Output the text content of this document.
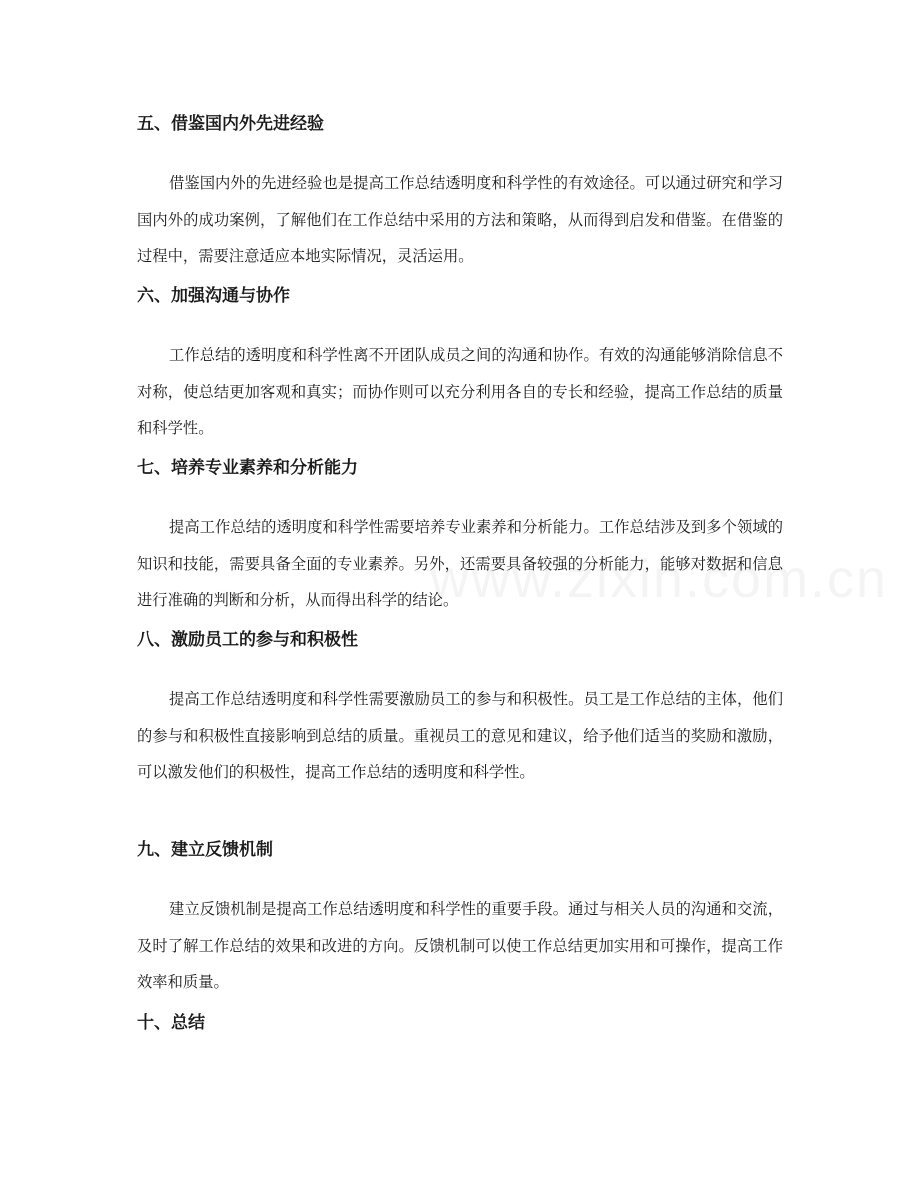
五、借鉴国内外先进经验

借鉴国内外的先进经验也是提高工作总结透明度和科学性的有效途径。可以通过研究和学习国内外的成功案例，了解他们在工作总结中采用的方法和策略，从而得到启发和借鉴。在借鉴的过程中，需要注意适应本地实际情况，灵活运用。

六、加强沟通与协作

工作总结的透明度和科学性离不开团队成员之间的沟通和协作。有效的沟通能够消除信息不对称，使总结更加客观和真实；而协作则可以充分利用各自的专长和经验，提高工作总结的质量和科学性。

七、培养专业素养和分析能力

提高工作总结的透明度和科学性需要培养专业素养和分析能力。工作总结涉及到多个领域的知识和技能，需要具备全面的专业素养。另外，还需要具备较强的分析能力，能够对数据和信息进行准确的判断和分析，从而得出科学的结论。

八、激励员工的参与和积极性

提高工作总结透明度和科学性需要激励员工的参与和积极性。员工是工作总结的主体，他们的参与和积极性直接影响到总结的质量。重视员工的意见和建议，给予他们适当的奖励和激励，可以激发他们的积极性，提高工作总结的透明度和科学性。

九、建立反馈机制

建立反馈机制是提高工作总结透明度和科学性的重要手段。通过与相关人员的沟通和交流，及时了解工作总结的效果和改进的方向。反馈机制可以使工作总结更加实用和可操作，提高工作效率和质量。

十、总结
